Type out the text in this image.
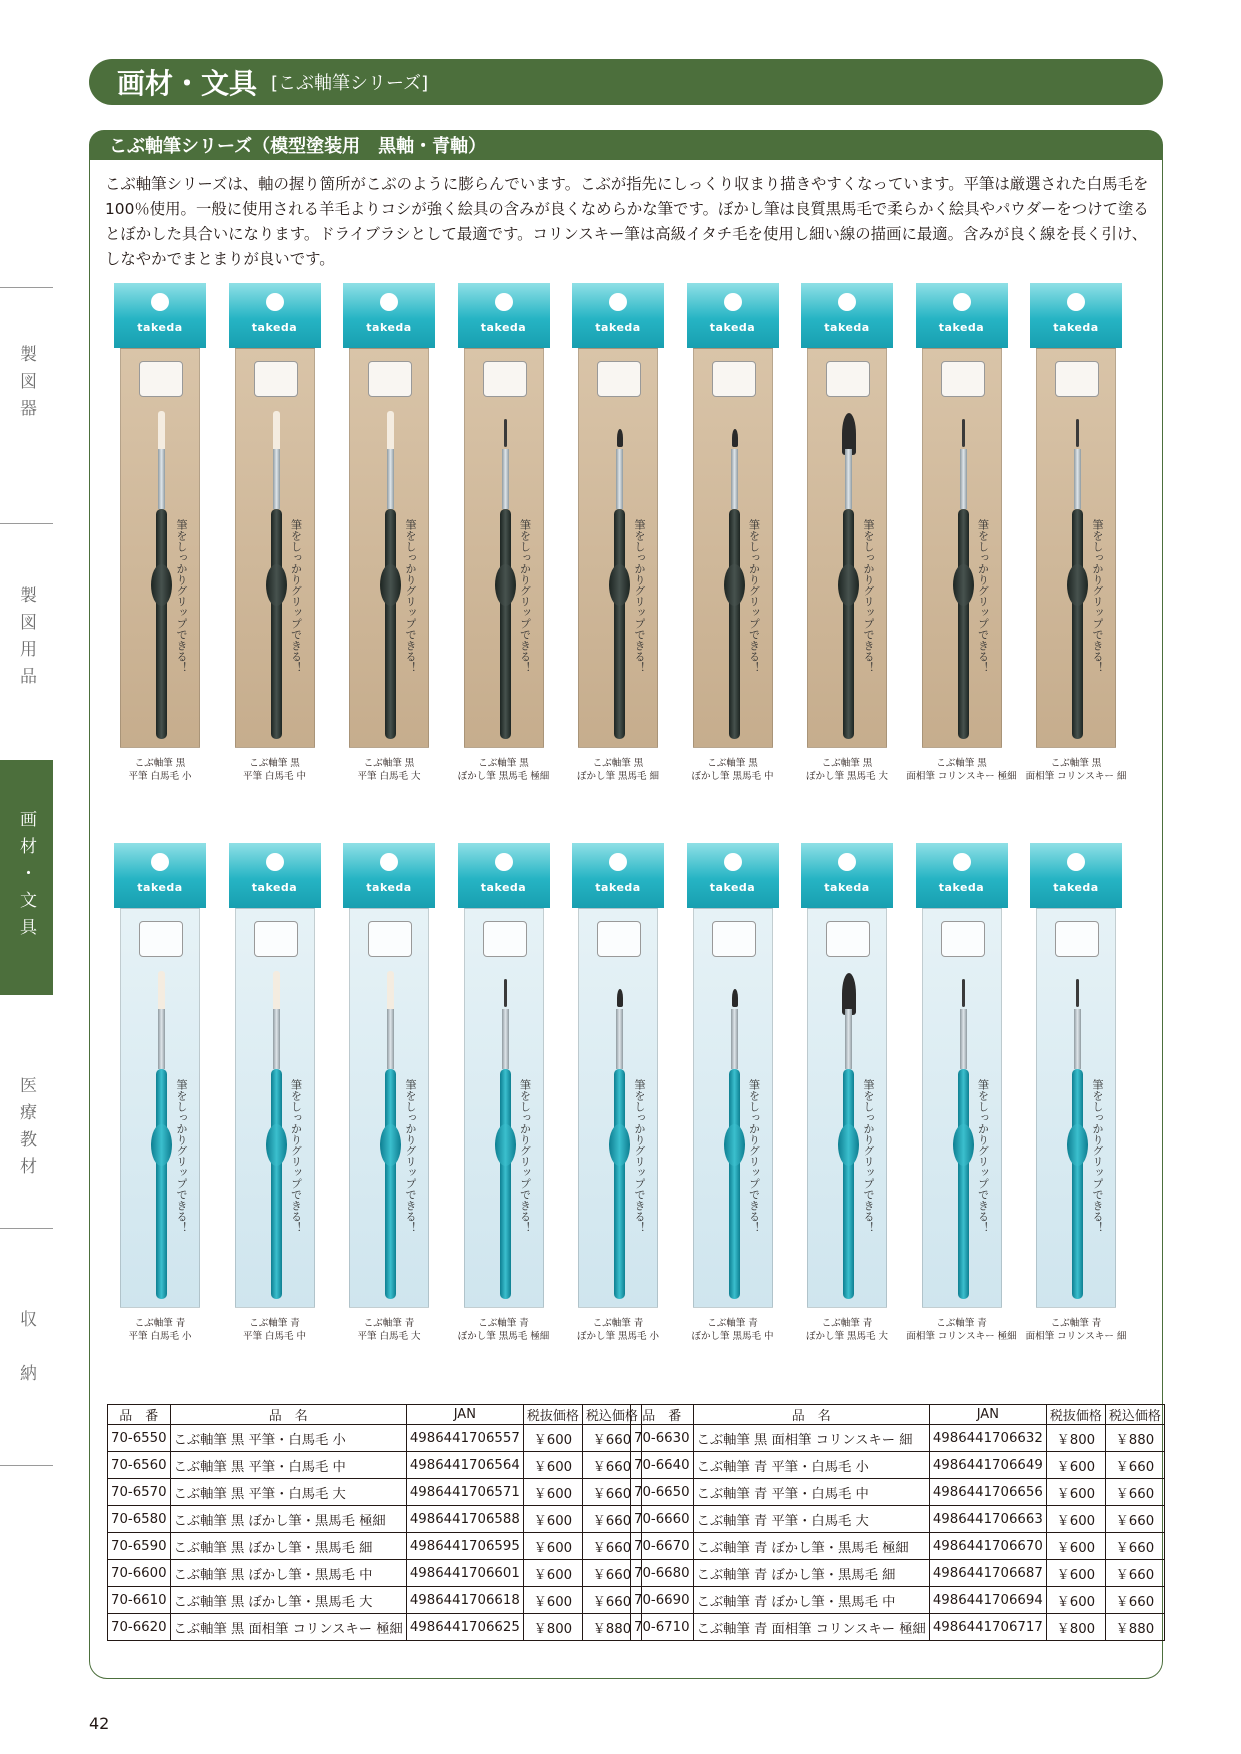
製図器
製図用品
画材・文具
医療教材
収　納
画材・文具 [こぶ軸筆シリーズ]
こぶ軸筆シリーズ（模型塗装用　黒軸・青軸）

こぶ軸筆シリーズは、軸の握り箇所がこぶのように膨らんでいます。こぶが指先にしっくり収まり描きやすくなっています。平筆は厳選された白馬毛を100％使用。一般に使用される羊毛よりコシが強く絵具の含みが良くなめらかな筆です。ぼかし筆は良質黒馬毛で柔らかく絵具やパウダーをつけて塗るとぼかした具合いになります。ドライブラシとして最適です。コリンスキー筆は高級イタチ毛を使用し細い線の描画に最適。含みが良く線を長く引け、しなやかでまとまりが良いです。

takeda
筆をしっかりグリップできる！
こぶ軸筆 黒
平筆 白馬毛 小
takeda
筆をしっかりグリップできる！
こぶ軸筆 黒
平筆 白馬毛 中
takeda
筆をしっかりグリップできる！
こぶ軸筆 黒
平筆 白馬毛 大
takeda
筆をしっかりグリップできる！
こぶ軸筆 黒
ぼかし筆 黒馬毛 極細
takeda
筆をしっかりグリップできる！
こぶ軸筆 黒
ぼかし筆 黒馬毛 細
takeda
筆をしっかりグリップできる！
こぶ軸筆 黒
ぼかし筆 黒馬毛 中
takeda
筆をしっかりグリップできる！
こぶ軸筆 黒
ぼかし筆 黒馬毛 大
takeda
筆をしっかりグリップできる！
こぶ軸筆 黒
面相筆 コリンスキー 極細
takeda
筆をしっかりグリップできる！
こぶ軸筆 黒
面相筆 コリンスキー 細
takeda
筆をしっかりグリップできる！
こぶ軸筆 青
平筆 白馬毛 小
takeda
筆をしっかりグリップできる！
こぶ軸筆 青
平筆 白馬毛 中
takeda
筆をしっかりグリップできる！
こぶ軸筆 青
平筆 白馬毛 大
takeda
筆をしっかりグリップできる！
こぶ軸筆 青
ぼかし筆 黒馬毛 極細
takeda
筆をしっかりグリップできる！
こぶ軸筆 青
ぼかし筆 黒馬毛 小
takeda
筆をしっかりグリップできる！
こぶ軸筆 青
ぼかし筆 黒馬毛 中
takeda
筆をしっかりグリップできる！
こぶ軸筆 青
ぼかし筆 黒馬毛 大
takeda
筆をしっかりグリップできる！
こぶ軸筆 青
面相筆 コリンスキー 極細
takeda
筆をしっかりグリップできる！
こぶ軸筆 青
面相筆 コリンスキー 細
品　番	品　名	JAN	税抜価格	税込価格
70-6550	こぶ軸筆 黒 平筆・白馬毛 小	4986441706557	￥600	￥660
70-6560	こぶ軸筆 黒 平筆・白馬毛 中	4986441706564	￥600	￥660
70-6570	こぶ軸筆 黒 平筆・白馬毛 大	4986441706571	￥600	￥660
70-6580	こぶ軸筆 黒 ぼかし筆・黒馬毛 極細	4986441706588	￥600	￥660
70-6590	こぶ軸筆 黒 ぼかし筆・黒馬毛 細	4986441706595	￥600	￥660
70-6600	こぶ軸筆 黒 ぼかし筆・黒馬毛 中	4986441706601	￥600	￥660
70-6610	こぶ軸筆 黒 ぼかし筆・黒馬毛 大	4986441706618	￥600	￥660
70-6620	こぶ軸筆 黒 面相筆 コリンスキー 極細	4986441706625	￥800	￥880
品　番	品　名	JAN	税抜価格	税込価格
70-6630	こぶ軸筆 黒 面相筆 コリンスキー 細	4986441706632	￥800	￥880
70-6640	こぶ軸筆 青 平筆・白馬毛 小	4986441706649	￥600	￥660
70-6650	こぶ軸筆 青 平筆・白馬毛 中	4986441706656	￥600	￥660
70-6660	こぶ軸筆 青 平筆・白馬毛 大	4986441706663	￥600	￥660
70-6670	こぶ軸筆 青 ぼかし筆・黒馬毛 極細	4986441706670	￥600	￥660
70-6680	こぶ軸筆 青 ぼかし筆・黒馬毛 細	4986441706687	￥600	￥660
70-6690	こぶ軸筆 青 ぼかし筆・黒馬毛 中	4986441706694	￥600	￥660
70-6710	こぶ軸筆 青 面相筆 コリンスキー 極細	4986441706717	￥800	￥880
42
